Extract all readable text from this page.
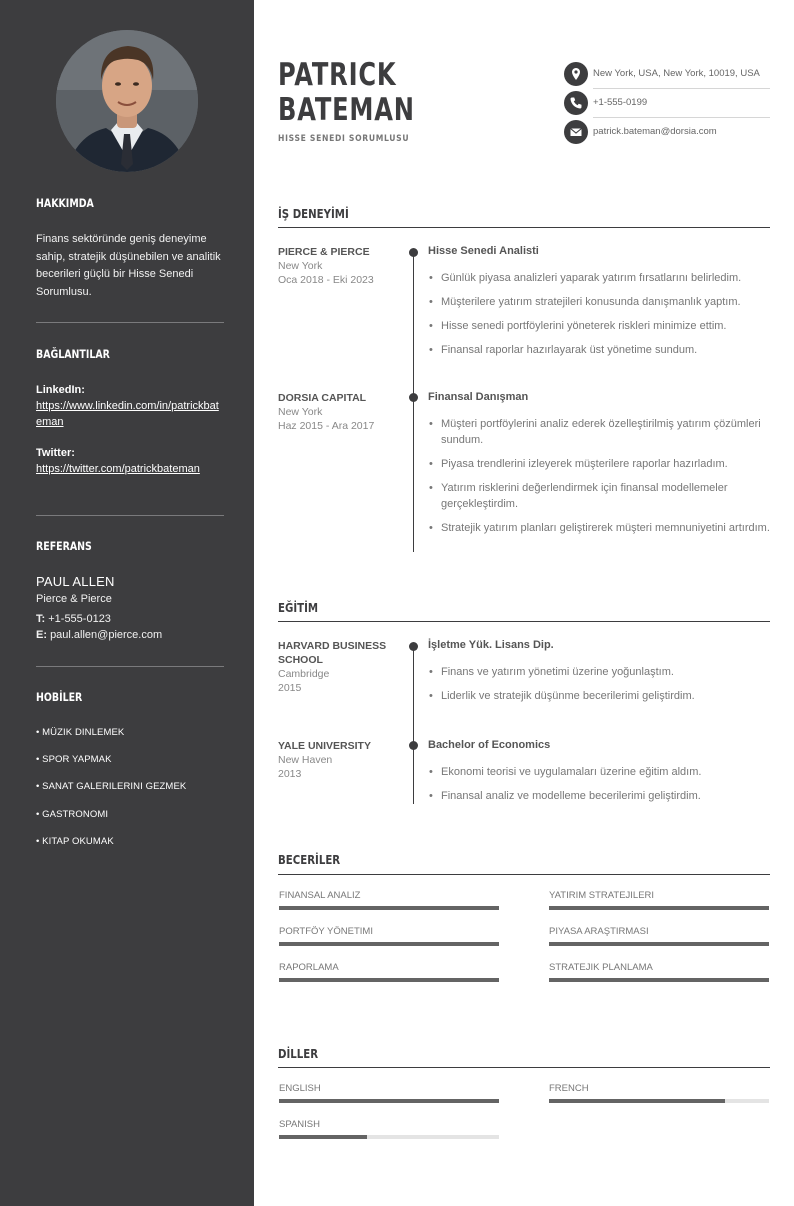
HAKKIMDA
Finans sektöründe geniş deneyime sahip, stratejik düşünebilen ve analitik becerileri güçlü bir Hisse Senedi Sorumlusu.
BAĞLANTILAR
LinkedIn:
https://www.linkedin.com/in/patrickbateman
Twitter:
https://twitter.com/patrickbateman
REFERANS
PAUL ALLEN
Pierce & Pierce
T: +1-555-0123
E: paul.allen@pierce.com
HOBİLER
• MÜZIK DINLEMEK
• SPOR YAPMAK
• SANAT GALERILERINI GEZMEK
• GASTRONOMI
• KITAP OKUMAK
PATRICK
BATEMAN
HISSE SENEDI SORUMLUSU
New York, USA, New York, 10019, USA
+1-555-0199
patrick.bateman@dorsia.com
İŞ DENEYİMİ
PIERCE & PIERCE
New York
Oca 2018 - Eki 2023
Hisse Senedi Analisti
• Günlük piyasa analizleri yaparak yatırım fırsatlarını belirledim.
• Müşterilere yatırım stratejileri konusunda danışmanlık yaptım.
• Hisse senedi portföylerini yöneterek riskleri minimize ettim.
• Finansal raporlar hazırlayarak üst yönetime sundum.
DORSIA CAPITAL
New York
Haz 2015 - Ara 2017
Finansal Danışman
• Müşteri portföylerini analiz ederek özelleştirilmiş yatırım çözümleri sundum.
• Piyasa trendlerini izleyerek müşterilere raporlar hazırladım.
• Yatırım risklerini değerlendirmek için finansal modellemeler gerçekleştirdim.
• Stratejik yatırım planları geliştirerek müşteri memnuniyetini artırdım.
EĞİTİM
HARVARD BUSINESS SCHOOL
Cambridge
2015
İşletme Yük. Lisans Dip.
• Finans ve yatırım yönetimi üzerine yoğunlaştım.
• Liderlik ve stratejik düşünme becerilerimi geliştirdim.
YALE UNIVERSITY
New Haven
2013
Bachelor of Economics
• Ekonomi teorisi ve uygulamaları üzerine eğitim aldım.
• Finansal analiz ve modelleme becerilerimi geliştirdim.
BECERİLER
FINANSAL ANALIZ	YATIRIM STRATEJILERI
PORTFÖY YÖNETIMI	PIYASA ARAŞTIRMASI
RAPORLAMA	STRATEJIK PLANLAMA
DİLLER
ENGLISH	FRENCH
SPANISH
